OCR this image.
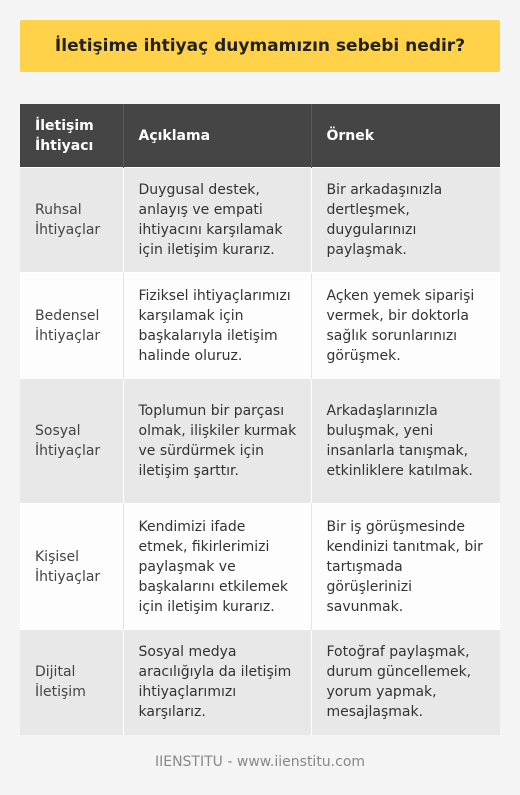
İletişime ihtiyaç duymamızın sebebi nedir?
İletişim İhtiyacı	Açıklama	Örnek
Ruhsal İhtiyaçlar	Duygusal destek, anlayış ve empati ihtiyacını karşılamak için iletişim kurarız.	Bir arkadaşınızla dertleşmek, duygularınızı paylaşmak.
Bedensel İhtiyaçlar	Fiziksel ihtiyaçlarımızı karşılamak için başkalarıyla iletişim halinde oluruz.	Açken yemek siparişi vermek, bir doktorla sağlık sorunlarınızı görüşmek.
Sosyal İhtiyaçlar	Toplumun bir parçası olmak, ilişkiler kurmak ve sürdürmek için iletişim şarttır.	Arkadaşlarınızla buluşmak, yeni insanlarla tanışmak, etkinliklere katılmak.
Kişisel İhtiyaçlar	Kendimizi ifade etmek, fikirlerimizi paylaşmak ve başkalarını etkilemek için iletişim kurarız.	Bir iş görüşmesinde kendinizi tanıtmak, bir tartışmada görüşlerinizi savunmak.
Dijital İletişim	Sosyal medya aracılığıyla da iletişim ihtiyaçlarımızı karşılarız.	Fotoğraf paylaşmak, durum güncellemek, yorum yapmak, mesajlaşmak.
IIENSTITU - www.iienstitu.com
